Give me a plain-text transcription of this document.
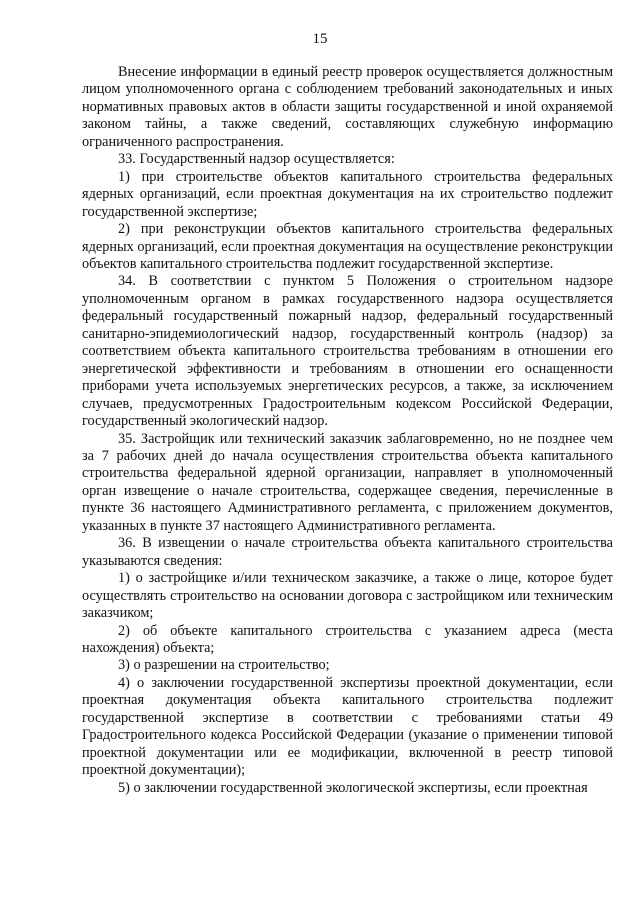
15

Внесение информации в единый реестр проверок осуществляется должностным лицом уполномоченного органа с соблюдением требований законодательных и иных нормативных правовых актов в области защиты государственной и иной охраняемой законом тайны, а также сведений, составляющих служебную информацию ограниченного распространения.

33. Государственный надзор осуществляется:

1) при строительстве объектов капитального строительства федеральных ядерных организаций, если проектная документация на их строительство подлежит государственной экспертизе;

2) при реконструкции объектов капитального строительства федеральных ядерных организаций, если проектная документация на осуществление реконструкции объектов капитального строительства подлежит государственной экспертизе.

34. В соответствии с пунктом 5 Положения о строительном надзоре уполномоченным органом в рамках государственного надзора осуществляется федеральный государственный пожарный надзор, федеральный государственный санитарно-эпидемиологический надзор, государственный контроль (надзор) за соответствием объекта капитального строительства требованиям в отношении его энергетической эффективности и требованиям в отношении его оснащенности приборами учета используемых энергетических ресурсов, а также, за исключением случаев, предусмотренных Градостроительным кодексом Российской Федерации, государственный экологический надзор.

35. Застройщик или технический заказчик заблаговременно, но не позднее чем за 7 рабочих дней до начала осуществления строительства объекта капитального строительства федеральной ядерной организации, направляет в уполномоченный орган извещение о начале строительства, содержащее сведения, перечисленные в пункте 36 настоящего Административного регламента, с приложением документов, указанных в пункте 37 настоящего Административного регламента.

36. В извещении о начале строительства объекта капитального строительства указываются сведения:

1) о застройщике и/или техническом заказчике, а также о лице, которое будет осуществлять строительство на основании договора с застройщиком или техническим заказчиком;

2) об объекте капитального строительства с указанием адреса (места нахождения) объекта;

3) о разрешении на строительство;

4) о заключении государственной экспертизы проектной документации, если проектная документация объекта капитального строительства подлежит государственной экспертизе в соответствии с требованиями статьи 49 Градостроительного кодекса Российской Федерации (указание о применении типовой проектной документации или ее модификации, включенной в реестр типовой проектной документации);

5) о заключении государственной экологической экспертизы, если проектная
